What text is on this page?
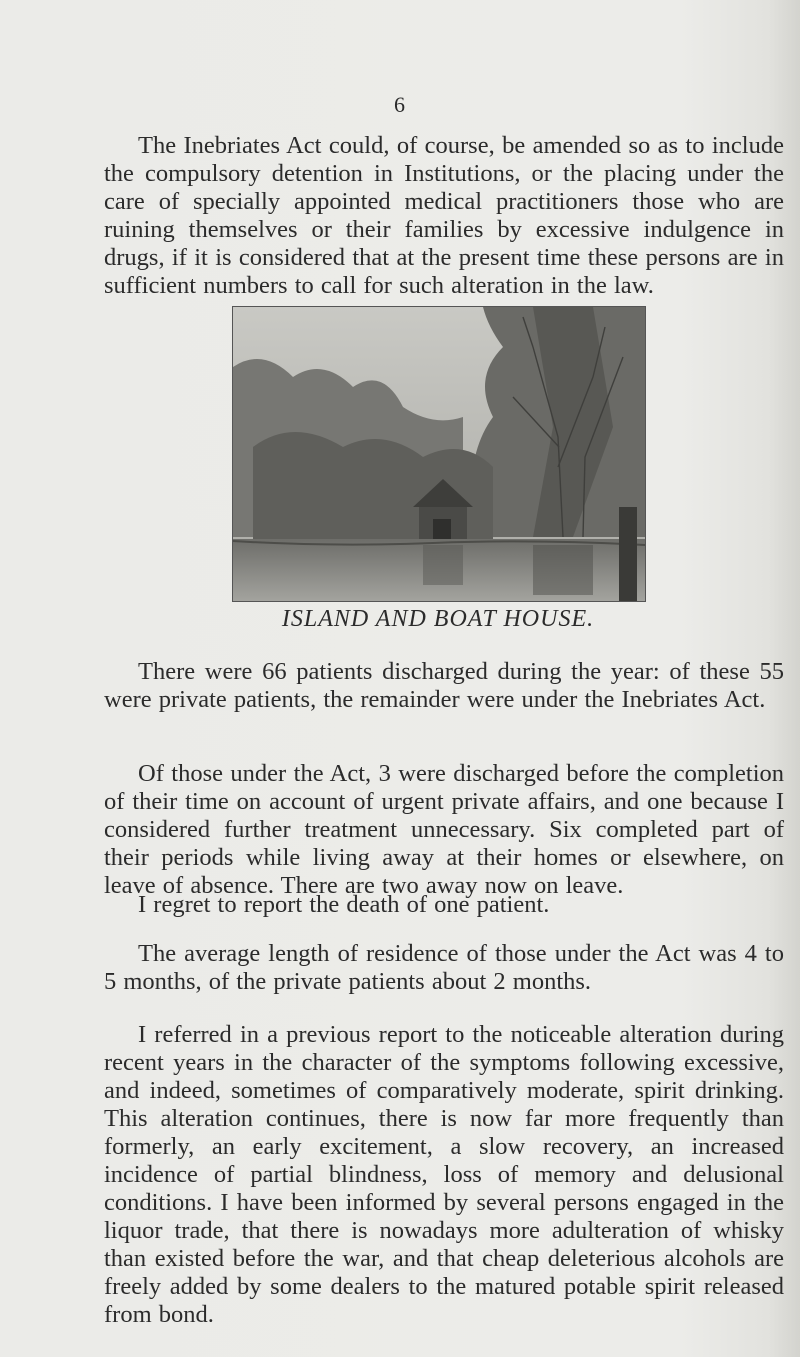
6

The Inebriates Act could, of course, be amended so as to include the compulsory detention in Institutions, or the placing under the care of specially appointed medical practitioners those who are ruining themselves or their families by excessive indulgence in drugs, if it is considered that at the present time these persons are in sufficient numbers to call for such alteration in the law.

ISLAND AND BOAT HOUSE.

There were 66 patients discharged during the year: of these 55 were private patients, the remainder were under the Inebriates Act.

Of those under the Act, 3 were discharged before the completion of their time on account of urgent private affairs, and one because I considered further treatment unnecessary. Six completed part of their periods while living away at their homes or elsewhere, on leave of absence. There are two away now on leave.

I regret to report the death of one patient.

The average length of residence of those under the Act was 4 to 5 months, of the private patients about 2 months.

I referred in a previous report to the noticeable alteration during recent years in the character of the symptoms following excessive, and indeed, sometimes of comparatively moderate, spirit drinking. This alteration continues, there is now far more frequently than formerly, an early excitement, a slow recovery, an increased incidence of partial blindness, loss of memory and delusional conditions. I have been informed by several persons engaged in the liquor trade, that there is nowadays more adulteration of whisky than existed before the war, and that cheap deleterious alcohols are freely added by some dealers to the matured potable spirit released from bond.
